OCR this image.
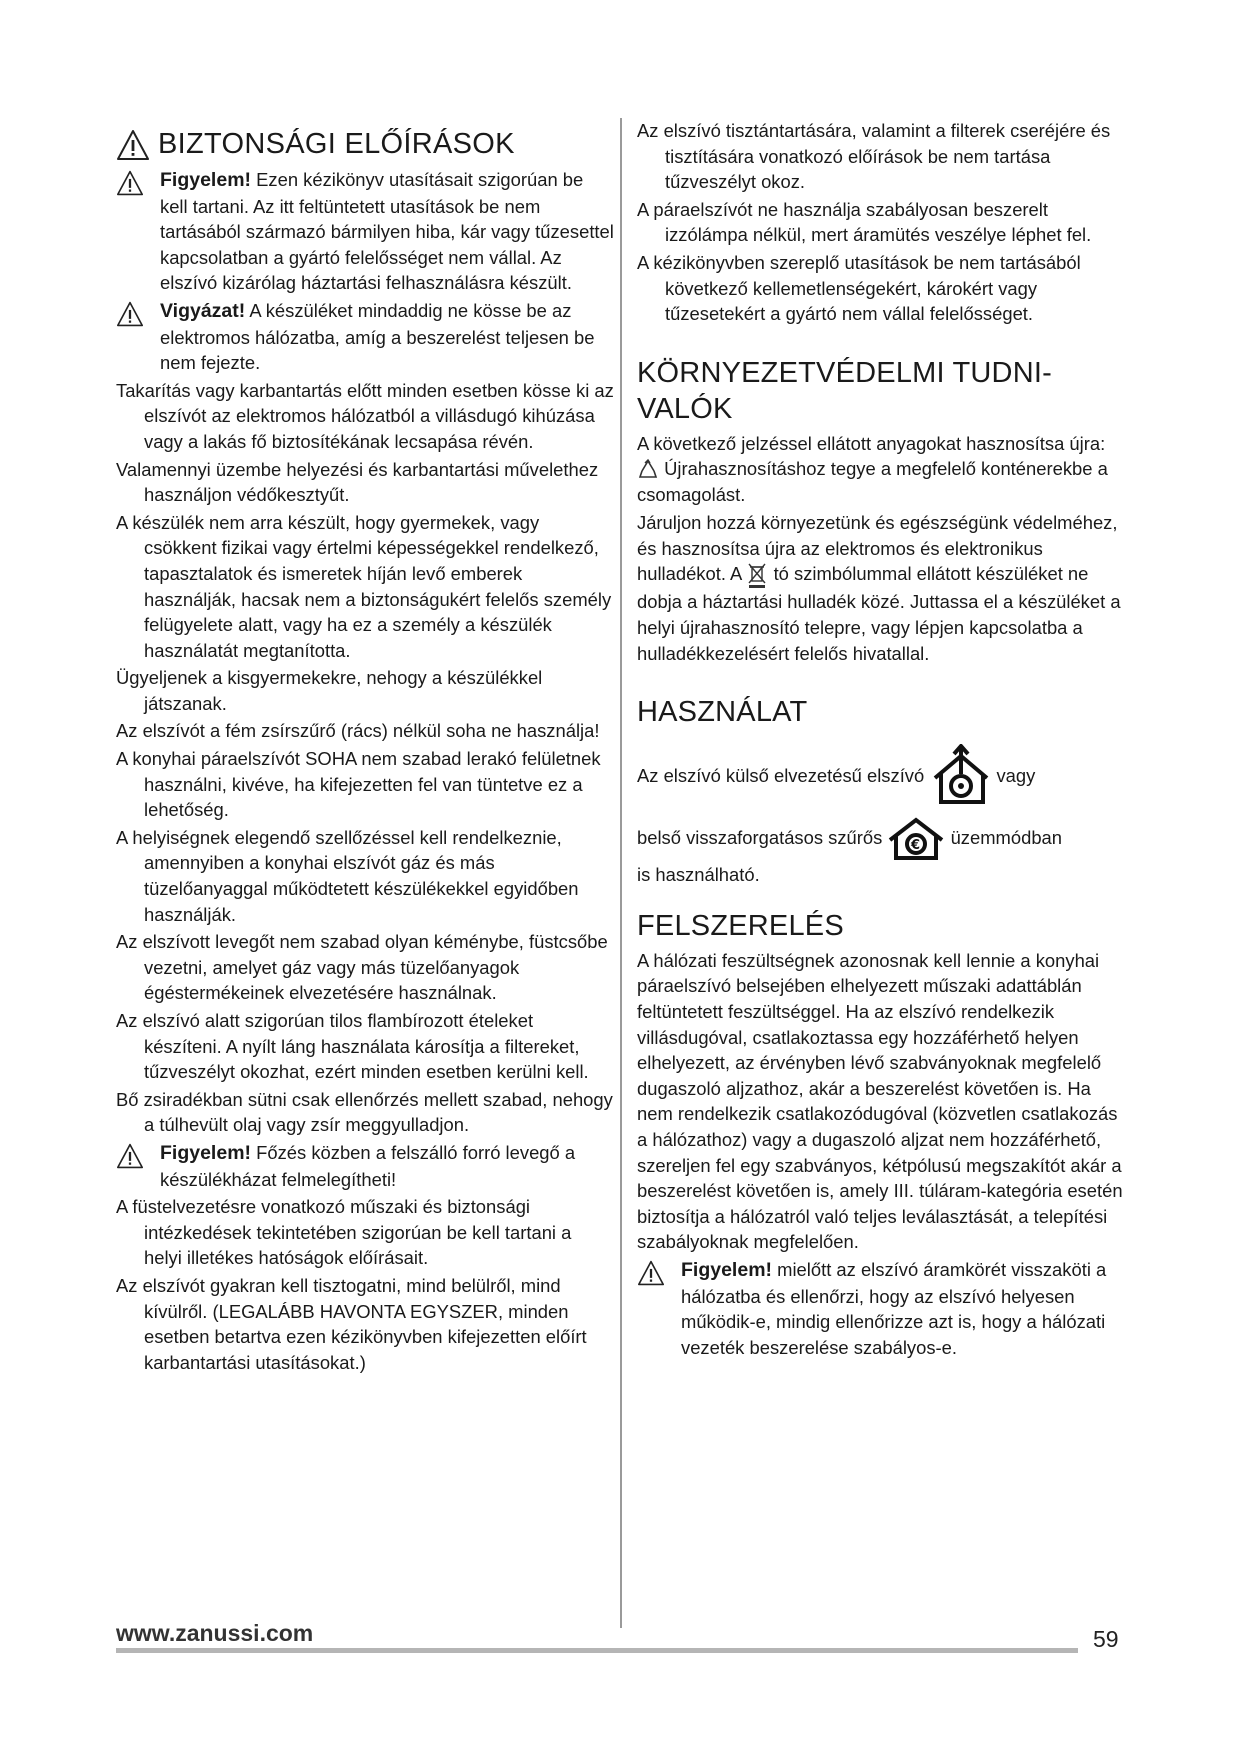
BIZTONSÁGI ELŐÍRÁSOK
Figyelem! Ezen kézikönyv utasításait szigorúan be kell tartani. Az itt feltüntetett utasítások be nem tartásából származó bármilyen hiba, kár vagy tűzesettel kapcsolatban a gyártó felelősséget nem vállal. Az elszívó kizárólag háztartási felhasználásra készült.
Vigyázat! A készüléket mindaddig ne kösse be az elektromos hálózatba, amíg a beszerelést teljesen be nem fejezte.

Takarítás vagy karbantartás előtt minden esetben kösse ki az elszívót az elektromos hálózatból a villásdugó kihúzása vagy a lakás fő biztosítékának lecsapása révén.

Valamennyi üzembe helyezési és karbantartási művelethez használjon védőkesztyűt.

A készülék nem arra készült, hogy gyermekek, vagy csökkent fizikai vagy értelmi képességekkel rendelkező, tapasztalatok és ismeretek híján levő emberek használják, hacsak nem a biztonságukért felelős személy felügyelete alatt, vagy ha ez a személy a készülék használatát megtanította.

Ügyeljenek a kisgyermekekre, nehogy a készülékkel játszanak.

Az elszívót a fém zsírszűrő (rács) nélkül soha ne használja!

A konyhai páraelszívót SOHA nem szabad lerakó felületnek használni, kivéve, ha kifejezetten fel van tüntetve ez a lehetőség.

A helyiségnek elegendő szellőzéssel kell rendelkeznie, amennyiben a konyhai elszívót gáz és más tüzelőanyaggal működtetett készülékekkel egyidőben használják.

Az elszívott levegőt nem szabad olyan kéménybe, füstcsőbe vezetni, amelyet gáz vagy más tüzelőanyagok égéstermékeinek elvezetésére használnak.

Az elszívó alatt szigorúan tilos flambírozott ételeket készíteni. A nyílt láng használata károsítja a filtereket, tűzveszélyt okozhat, ezért minden esetben kerülni kell.

Bő zsiradékban sütni csak ellenőrzés mellett szabad, nehogy a túlhevült olaj vagy zsír meggyulladjon.

Figyelem! Főzés közben a felszálló forró levegő a készülékházat felmelegítheti!

A füstelvezetésre vonatkozó műszaki és biztonsági intézkedések tekintetében szigorúan be kell tartani a helyi illetékes hatóságok előírásait.

Az elszívót gyakran kell tisztogatni, mind belülről, mind kívülről. (LEGALÁBB HAVONTA EGYSZER, minden esetben betartva ezen kézikönyvben kifejezetten előírt karbantartási utasításokat.)

Az elszívó tisztántartására, valamint a filterek cseréjére és tisztítására vonatkozó előírások be nem tartása tűzveszélyt okoz.

A páraelszívót ne használja szabályosan beszerelt izzólámpa nélkül, mert áramütés veszélye léphet fel.

A kézikönyvben szereplő utasítások be nem tartásából következő kellemetlenségekért, károkért vagy tűzesetekért a gyártó nem vállal felelősséget.

KÖRNYEZETVÉDELMI TUDNI-
VALÓK

A következő jelzéssel ellátott anyagokat hasznosítsa újra:  Újrahasznosításhoz tegye a megfelelő konténerekbe a csomagolást.

Járuljon hozzá környezetünk és egészségünk védelméhez, és hasznosítsa újra az elektromos és elektronikus hulladékot. A tó szimbólummal ellátott készüléket ne dobja a háztartási hulladék közé. Juttassa el a készüléket a helyi újrahasznosító telepre, vagy lépjen kapcsolatba a hulladékkezelésért felelős hivatallal.

HASZNÁLAT

Az elszívó külső elvezetésű elszívó	vagy

belső visszaforgatásos szűrős € üzemmódban
is használható.

FELSZERELÉS

A hálózati feszültségnek azonosnak kell lennie a konyhai páraelszívó belsejében elhelyezett műszaki adattáblán feltüntetett feszültséggel. Ha az elszívó rendelkezik villásdugóval, csatlakoztassa egy hozzáférhető helyen elhelyezett, az érvényben lévő szabványoknak megfelelő dugaszoló aljzathoz, akár a beszerelést követően is. Ha nem rendelkezik csatlakozódugóval (közvetlen csatlakozás a hálózathoz) vagy a dugaszoló aljzat nem hozzáférhető, szereljen fel egy szabványos, kétpólusú megszakítót akár a beszerelést követően is, amely III. túláram-kategória esetén biztosítja a hálózatról való teljes leválasztását, a telepítési szabályoknak megfelelően.

Figyelem! mielőtt az elszívó áramkörét visszaköti a hálózatba és ellenőrzi, hogy az elszívó helyesen működik-e, mindig ellenőrizze azt is, hogy a hálózati vezeték beszerelése szabályos-e.
www.zanussi.com	59
